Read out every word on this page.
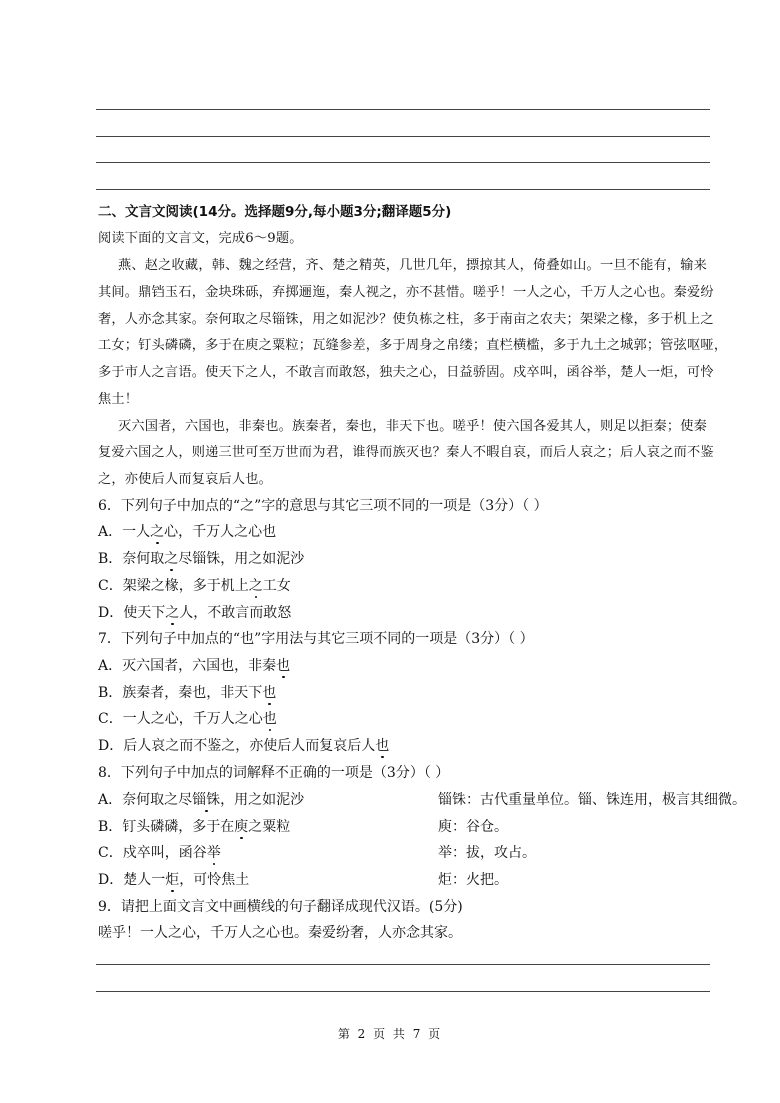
二、文言文阅读(14分。选择题9分,每小题3分;翻译题5分)
阅读下面的文言文，完成6～9题。
燕、赵之收藏，韩、魏之经营，齐、楚之精英，几世几年，摽掠其人，倚叠如山。一旦不能有，输来
其间。鼎铛玉石，金块珠砾，弃掷逦迤，秦人视之，亦不甚惜。嗟乎！一人之心，千万人之心也。秦爱纷
奢，人亦念其家。奈何取之尽锱铢，用之如泥沙？使负栋之柱，多于南亩之农夫；架梁之椽，多于机上之
工女；钉头磷磷，多于在庾之粟粒；瓦缝参差，多于周身之帛缕；直栏横槛，多于九土之城郭；管弦呕哑，
多于市人之言语。使天下之人，不敢言而敢怒，独夫之心，日益骄固。戍卒叫，函谷举，楚人一炬，可怜
焦土！
灭六国者，六国也，非秦也。族秦者，秦也，非天下也。嗟乎！使六国各爱其人，则足以拒秦；使秦
复爱六国之人，则递三世可至万世而为君，谁得而族灭也？秦人不暇自哀，而后人哀之；后人哀之而不鉴
之，亦使后人而复哀后人也。
6．下列句子中加点的“之”字的意思与其它三项不同的一项是（3分）（ ）
A．一人之心，千万人之心也
B．奈何取之尽锱铢，用之如泥沙
C．架梁之椽，多于机上之工女
D．使天下之人，不敢言而敢怒
7．下列句子中加点的“也”字用法与其它三项不同的一项是（3分）（ ）
A．灭六国者，六国也，非秦也
B．族秦者，秦也，非天下也
C．一人之心，千万人之心也
D．后人哀之而不鉴之，亦使后人而复哀后人也
8．下列句子中加点的词解释不正确的一项是（3分）（ ）
A．奈何取之尽锱铢，用之如泥沙	锱铢：古代重量单位。锱、铢连用，极言其细微。
B．钉头磷磷，多于在庾之粟粒	庾：谷仓。
C．戍卒叫，函谷举	举：拔，攻占。
D．楚人一炬，可怜焦土	炬：火把。
9．请把上面文言文中画横线的句子翻译成现代汉语。(5分)
嗟乎！一人之心，千万人之心也。秦爱纷奢，人亦念其家。
第 2 页 共 7 页
